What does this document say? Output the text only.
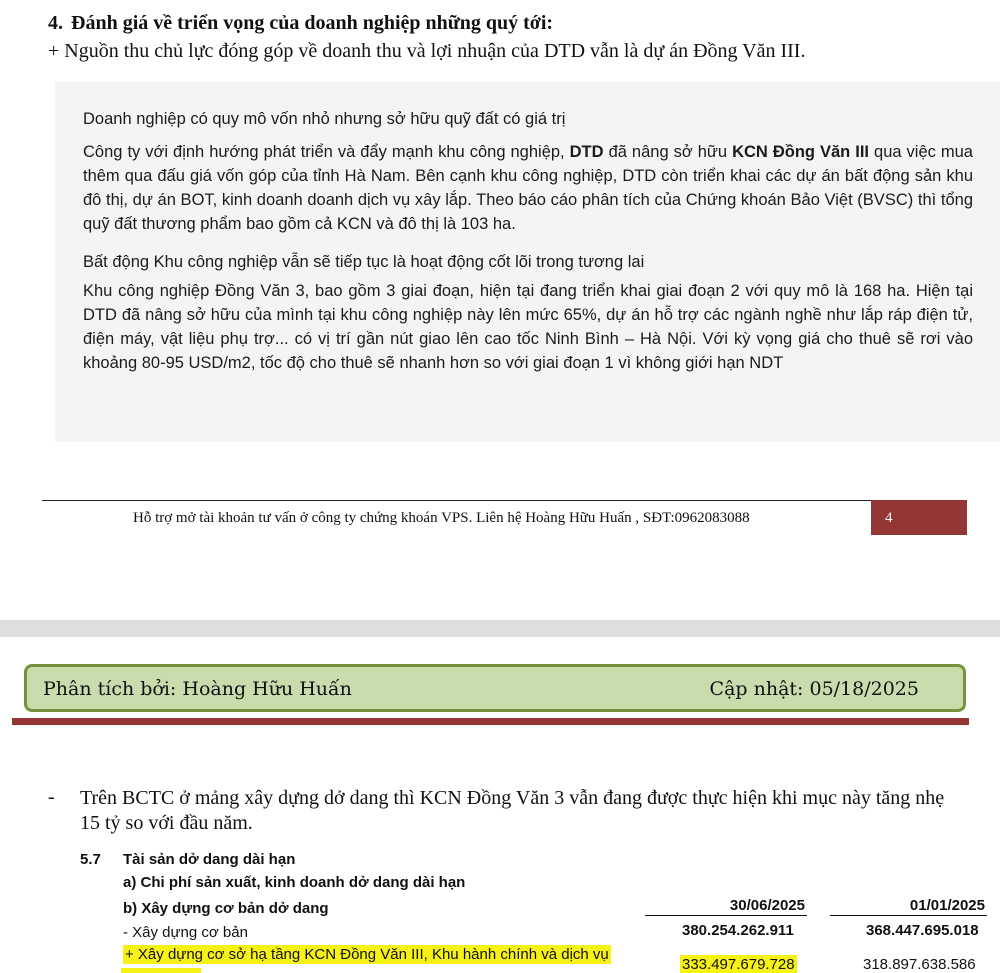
4. Đánh giá về triển vọng của doanh nghiệp những quý tới:
+ Nguồn thu chủ lực đóng góp về doanh thu và lợi nhuận của DTD vẫn là dự án Đồng Văn III.
Doanh nghiệp có quy mô vốn nhỏ nhưng sở hữu quỹ đất có giá trị
Công ty với định hướng phát triển và đẩy mạnh khu công nghiệp, DTD đã nâng sở hữu KCN Đồng Văn III qua việc mua thêm qua đấu giá vốn góp của tỉnh Hà Nam. Bên cạnh khu công nghiệp, DTD còn triển khai các dự án bất động sản khu đô thị, dự án BOT, kinh doanh doanh dịch vụ xây lắp. Theo báo cáo phân tích của Chứng khoán Bảo Việt (BVSC) thì tổng quỹ đất thương phẩm bao gồm cả KCN và đô thị là 103 ha.
Bất động Khu công nghiệp vẫn sẽ tiếp tục là hoạt động cốt lõi trong tương lai
Khu công nghiệp Đồng Văn 3, bao gồm 3 giai đoạn, hiện tại đang triển khai giai đoạn 2 với quy mô là 168 ha. Hiện tại DTD đã nâng sở hữu của mình tại khu công nghiệp này lên mức 65%, dự án hỗ trợ các ngành nghề như lắp ráp điện tử, điện máy, vật liệu phụ trợ... có vị trí gần nút giao lên cao tốc Ninh Bình – Hà Nội. Với kỳ vọng giá cho thuê sẽ rơi vào khoảng 80-95 USD/m2, tốc độ cho thuê sẽ nhanh hơn so với giai đoạn 1 vì không giới hạn NDT
Hỗ trợ mở tài khoản tư vấn ở công ty chứng khoán VPS. Liên hệ Hoàng Hữu Huấn , SĐT:0962083088	4
Phân tích bởi: Hoàng Hữu Huấn	Cập nhật: 05/18/2025
- Trên BCTC ở mảng xây dựng dở dang thì KCN Đồng Văn 3 vẫn đang được thực hiện khi mục này tăng nhẹ 15 tỷ so với đầu năm.
5.7 Tài sản dở dang dài hạn
a) Chi phí sản xuất, kinh doanh dở dang dài hạn
b) Xây dựng cơ bản dở dang	30/06/2025	01/01/2025
- Xây dựng cơ bản	380.254.262.911	368.447.695.018
+ Xây dựng cơ sở hạ tầng KCN Đồng Văn III, Khu hành chính và dịch vụ
333.497.679.728	318.897.638.586
